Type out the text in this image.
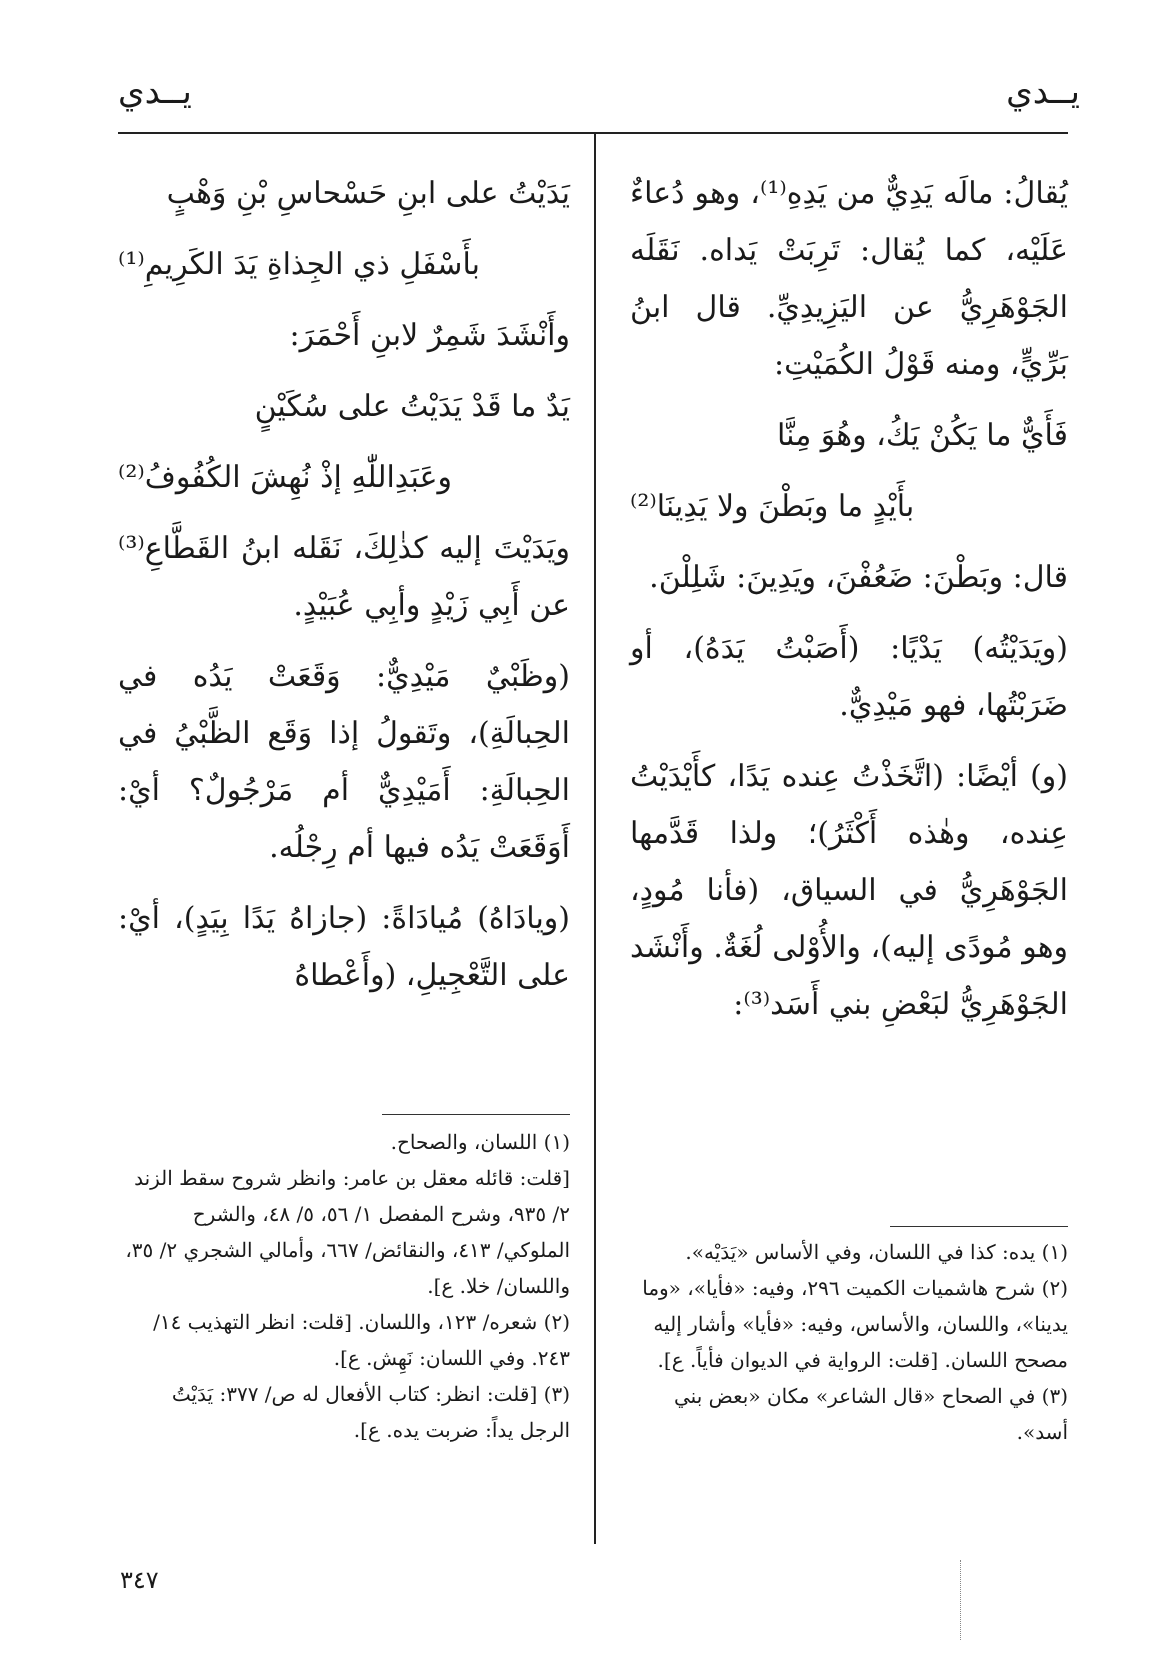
يــدي
يــدي

يُقالُ: مالَه يَدِيٌّ من يَدِهِ⁽¹⁾، وهو دُعاءٌ عَلَيْه، كما يُقال: تَرِبَتْ يَداه. نَقَلَه الجَوْهَرِيُّ عن اليَزِيدِيِّ. قال ابنُ بَرِّيٍّ، ومنه قَوْلُ الكُمَيْتِ:

فَأَيٌّ ما يَكُنْ يَكُ، وهُوَ مِنَّا

بأَيْدٍ ما وبَطْنَ ولا يَدِينَا⁽²⁾

قال: وبَطْنَ: ضَعُفْنَ، ويَدِينَ: شَلِلْنَ.

(ويَدَيْتُه) يَدْيًا: (أَصَبْتُ يَدَهُ)، أو ضَرَبْتُها، فهو مَيْدِيٌّ.

(و) أيْضًا: (اتَّخَذْتُ عِنده يَدًا، كأَيْدَيْتُ عِنده، وهٰذه أَكْثَرُ)؛ ولذا قَدَّمها الجَوْهَرِيُّ في السياق، (فأنا مُودٍ، وهو مُودًى إليه)، والأُوْلى لُغَةٌ. وأَنْشَد الجَوْهَرِيُّ لبَعْضِ بني أَسَد⁽³⁾:

يَدَيْتُ على ابنِ حَسْحاسِ بْنِ وَهْبٍ

بأَسْفَلِ ذي الجِذاةِ يَدَ الكَرِيمِ⁽¹⁾

وأَنْشَدَ شَمِرٌ لابنِ أَحْمَرَ:

يَدٌ ما قَدْ يَدَيْتُ على سُكَيْنٍ

وعَبَدِاللّٰهِ إذْ نُهِشَ الكُفُوفُ⁽²⁾

ويَدَيْتَ إليه كذٰلِكَ، نَقَله ابنُ القَطَّاعِ⁽³⁾ عن أَبِي زَيْدٍ وأبِي عُبَيْدٍ.

(وظَبْيٌ مَيْدِيٌّ: وَقَعَتْ يَدُه في الحِبالَةِ)، وتَقولُ إذا وَقَع الظَّبْيُ في الحِبالَةِ: أَمَيْدِيٌّ أم مَرْجُولٌ؟ أيْ: أَوَقَعَتْ يَدُه فيها أم رِجْلُه.

(ويادَاهُ) مُيادَاةً: (جازاهُ يَدًا بِيَدٍ)، أيْ: على التَّعْجِيلِ، (وأَعْطاهُ

(١) يده: كذا في اللسان، وفي الأساس «يَدَيْه».

(٢) شرح هاشميات الكميت ٢٩٦، وفيه: «فأيا»، «وما يدينا»، واللسان، والأساس، وفيه: «فأيا» وأشار إليه مصحح اللسان. [قلت: الرواية في الديوان فأياً. ع].

(٣) في الصحاح «قال الشاعر» مكان «بعض بني أسد».

(١) اللسان، والصحاح.

[قلت: قائله معقل بن عامر: وانظر شروح سقط الزند ٢/ ٩٣٥، وشرح المفصل ١/ ٥٦، ٥/ ٤٨، والشرح الملوكي/ ٤١٣، والنقائض/ ٦٦٧، وأمالي الشجري ٢/ ٣٥، واللسان/ خلا. ع].

(٢) شعره/ ١٢٣، واللسان. [قلت: انظر التهذيب ١٤/ ٢٤٣. وفي اللسان: نَهِش. ع].

(٣) [قلت: انظر: كتاب الأفعال له ص/ ٣٧٧: يَدَيْتُ الرجل يداً: ضربت يده. ع].

٣٤٧
